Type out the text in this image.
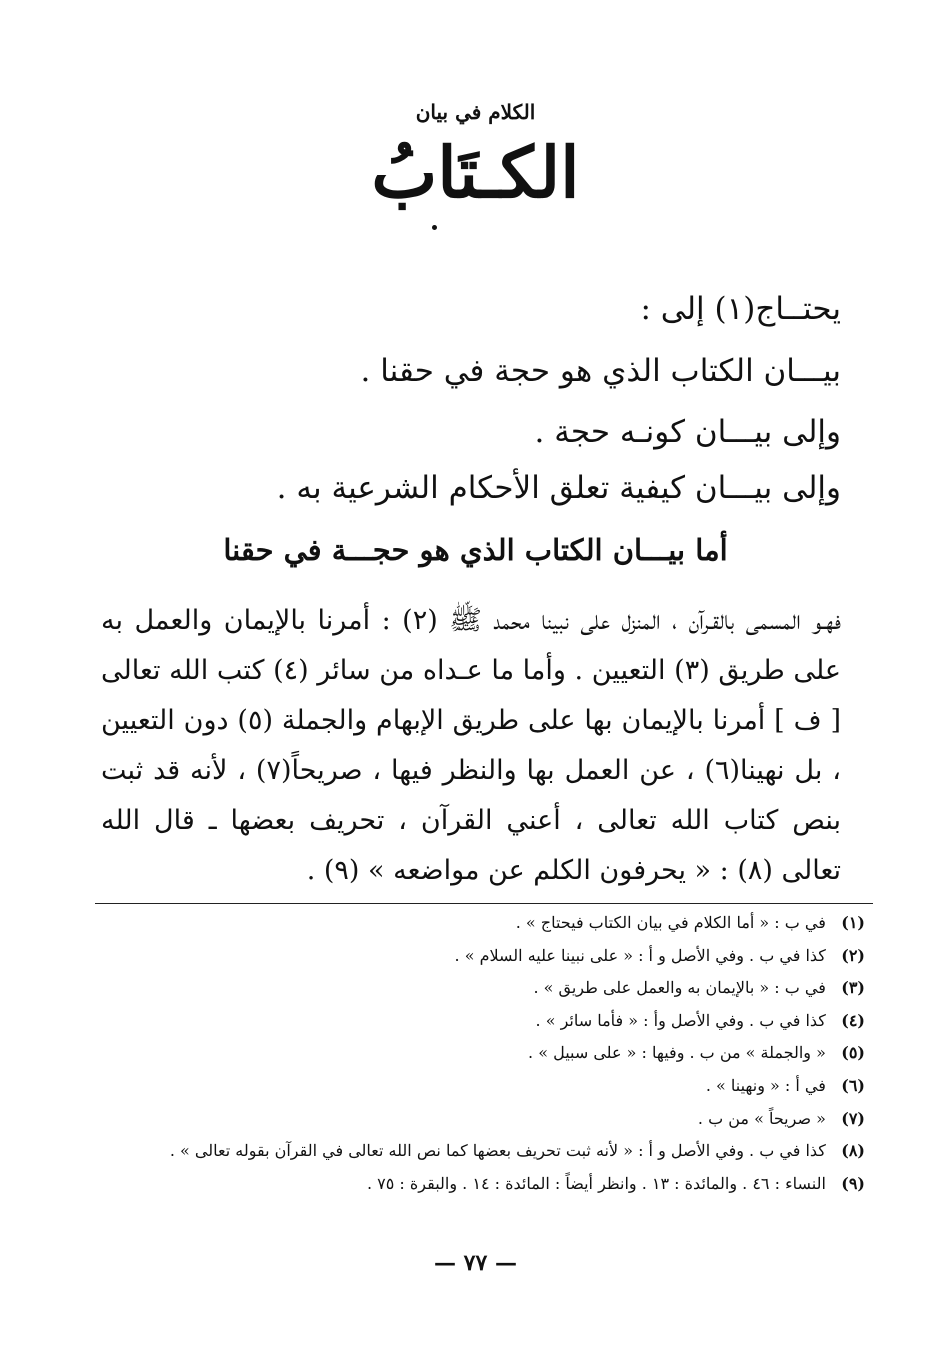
الكلام في بيان
الكـتَابُ
يحتــاج(١) إلى :
بيـــان الكتاب الذي هو حجة في حقنا .
وإلى بيـــان كونـه حجة .
وإلى بيـــان كيفية تعلق الأحكام الشرعية به .
أما بيـــان الكتاب الذي هو حجـــة في حقنا
فهـو المسمى بالقـرآن ، المنزل على نبينا محمد ﷺ (٢) : أمرنا بالإيمان والعمل به على طريق (٣) التعيين . وأما ما عـداه من سائر (٤) كتب الله تعالى [ ف ] أمرنا بالإيمان بها على طريق الإبهام والجملة (٥) دون التعيين ، بل نهينا(٦) ، عن العمل بها والنظر فيها ، صريحاً(٧) ، لأنه قد ثبت بنص كتاب الله تعالى ، أعني القرآن ، تحريف بعضها ـ قال الله تعالى (٨) : « يحرفون الكلم عن مواضعه » (٩) .
(١) في ب : « أما الكلام في بيان الكتاب فيحتاج » .
(٢) كذا في ب . وفي الأصل و أ : « على نبينا عليه السلام » .
(٣) في ب : « بالإيمان به والعمل على طريق » .
(٤) كذا في ب . وفي الأصل وأ : « فأما سائر » .
(٥) « والجملة » من ب . وفيها : « على سبيل » .
(٦) في أ : « ونهينا » .
(٧) « صريحاً » من ب .
(٨) كذا في ب . وفي الأصل و أ : « لأنه ثبت تحريف بعضها كما نص الله تعالى في القرآن بقوله تعالى » .
(٩) النساء : ٤٦ . والمائدة : ١٣ . وانظر أيضاً : المائدة : ١٤ . والبقرة : ٧٥ .
— ٧٧ —
